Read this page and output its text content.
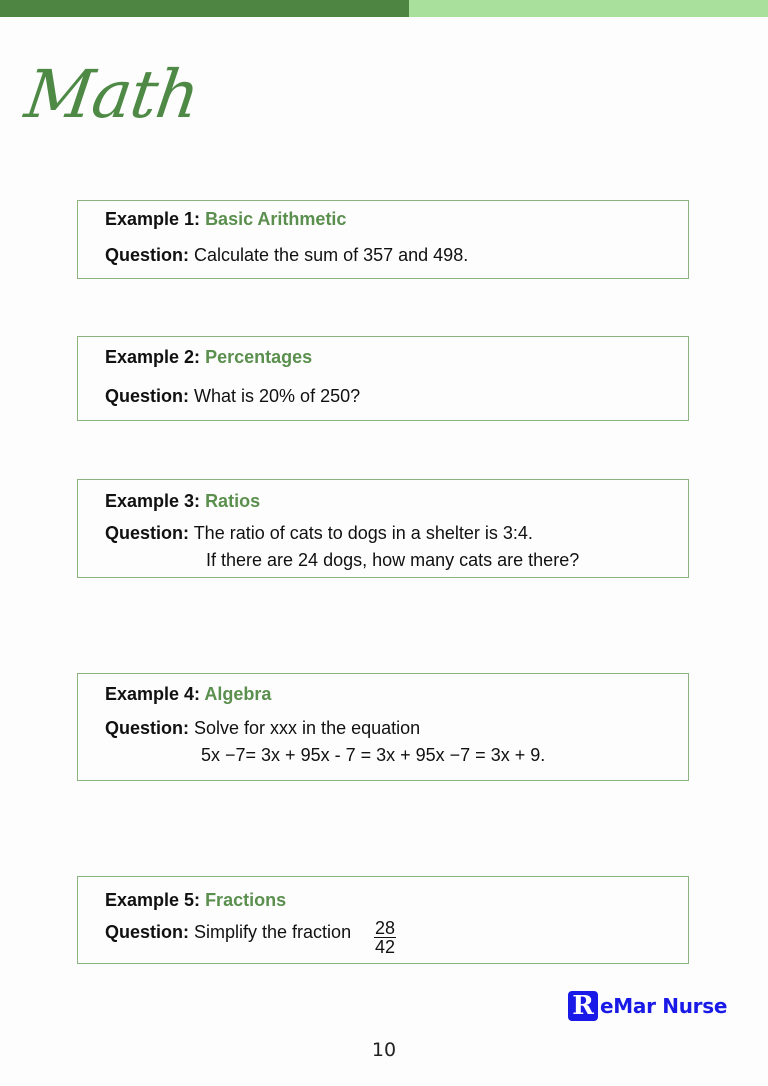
Math
Example 1: Basic Arithmetic
Question: Calculate the sum of 357 and 498.
Example 2: Percentages
Question: What is 20% of 250?
Example 3: Ratios
Question: The ratio of cats to dogs in a shelter is 3:4.
If there are 24 dogs, how many cats are there?
Example 4: Algebra
Question: Solve for xxx in the equation
5x −7= 3x + 95x - 7 = 3x + 95x −7 = 3x + 9.
Example 5: Fractions
Question: Simplify the fraction $\frac{28}{42}$
R eMar Nurse
10
